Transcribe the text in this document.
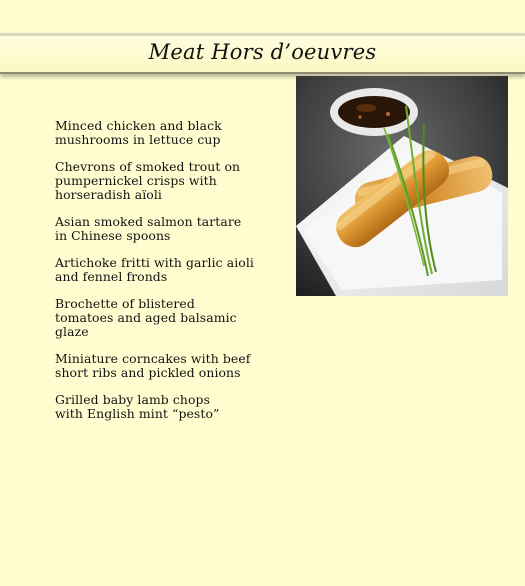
Meat Hors d’oeuvres
Minced chicken and black
mushrooms in lettuce cup
Chevrons of smoked trout on
pumpernickel crisps with
horseradish aïoli
Asian smoked salmon tartare
in Chinese spoons
Artichoke fritti with garlic aioli
and fennel fronds
Brochette of blistered
tomatoes and aged balsamic
glaze
Miniature corncakes with beef
short ribs and pickled onions
Grilled baby lamb chops
with English mint “pesto”
